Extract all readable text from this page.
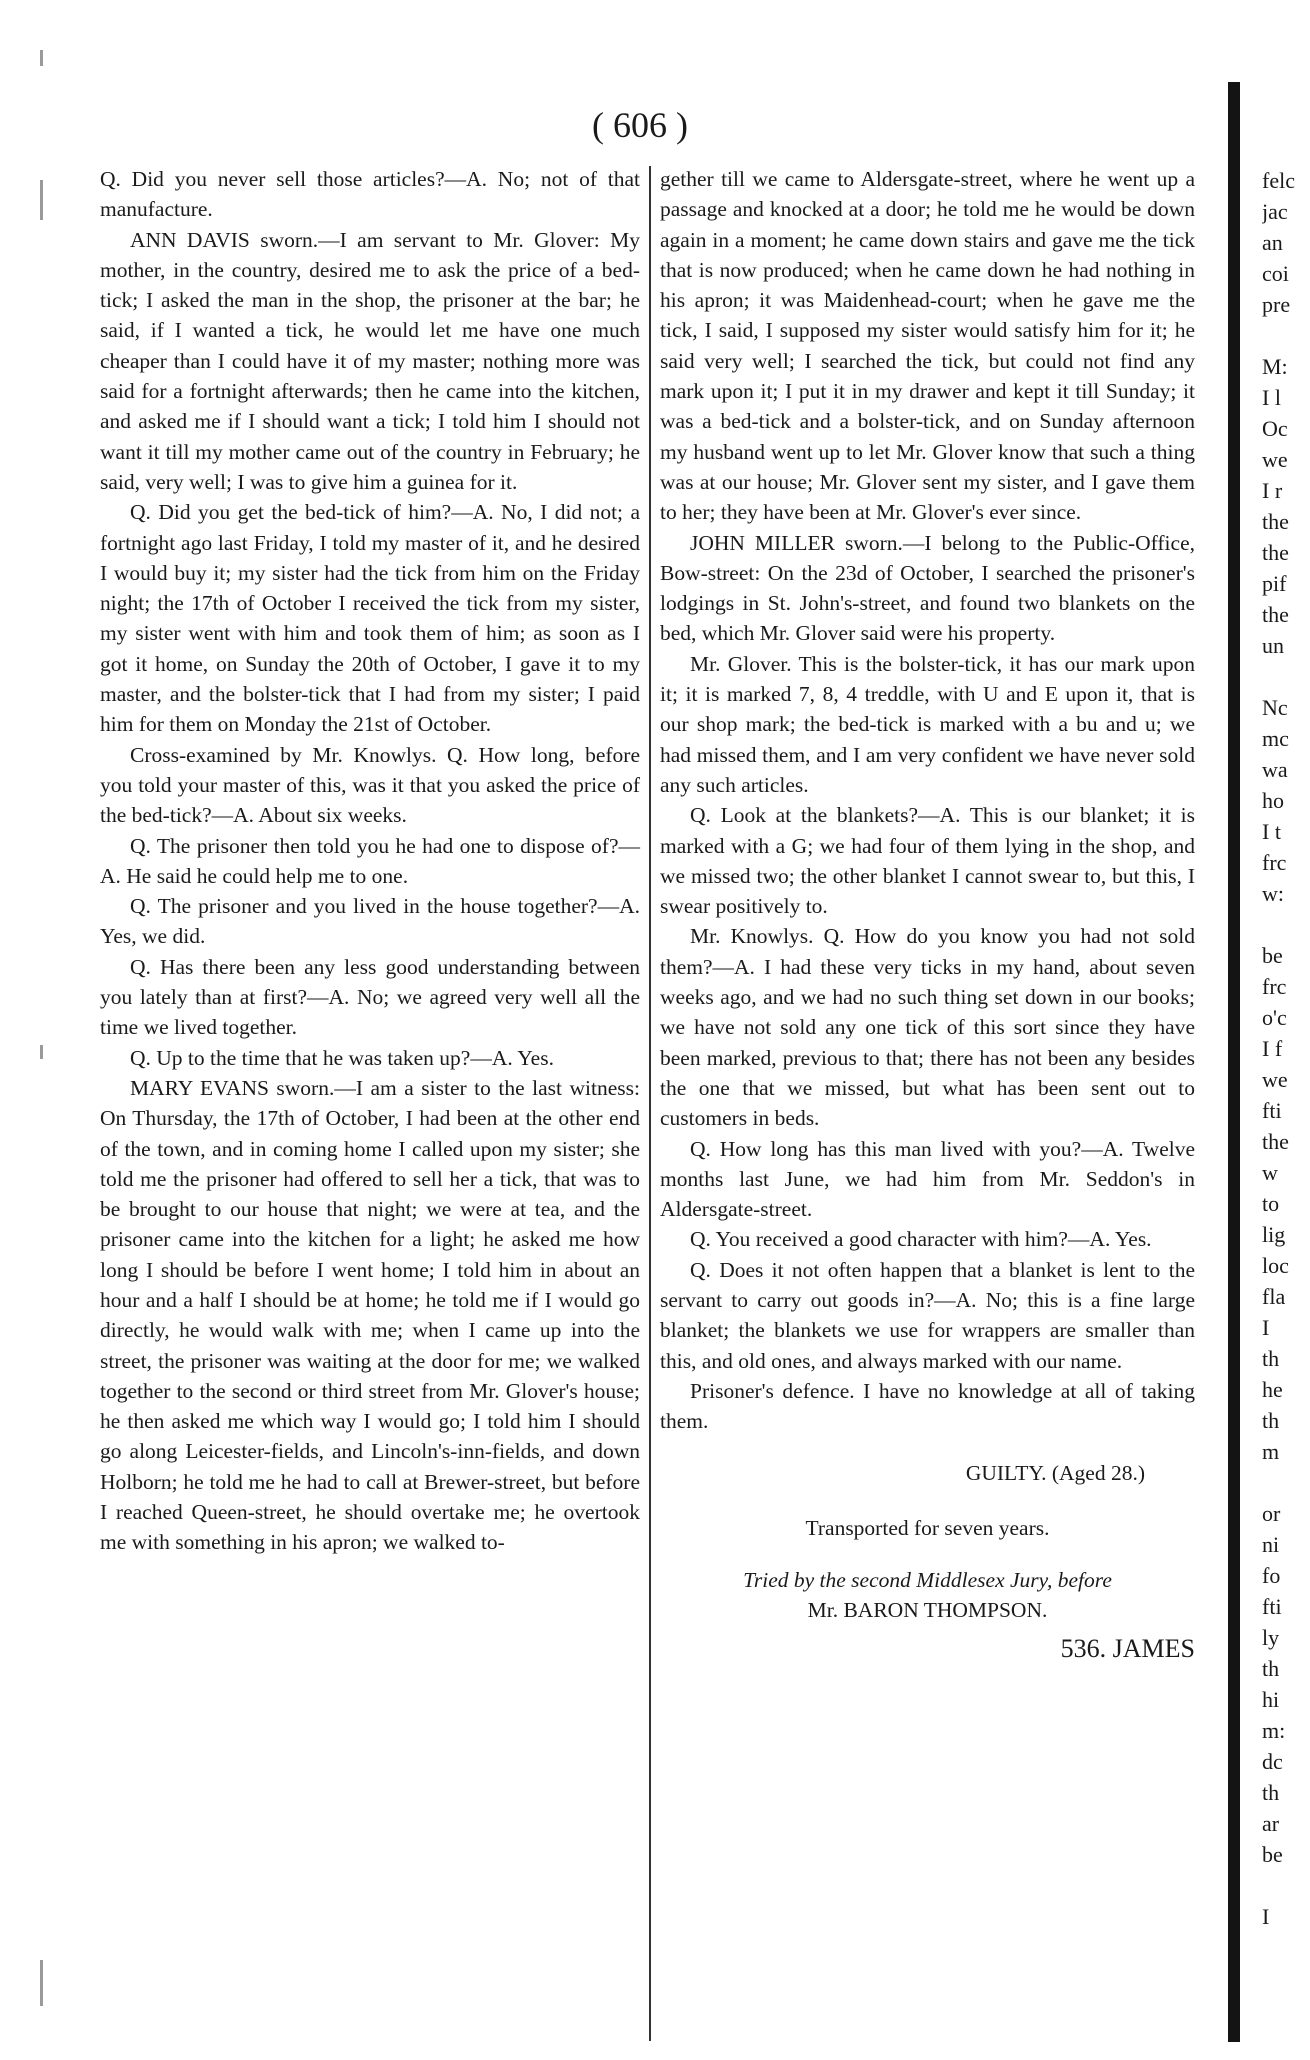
( 606 )

Q. Did you never sell those articles?—A. No; not of that manufacture.

ANN DAVIS sworn.—I am servant to Mr. Glover: My mother, in the country, desired me to ask the price of a bed-tick; I asked the man in the shop, the prisoner at the bar; he said, if I wanted a tick, he would let me have one much cheaper than I could have it of my master; nothing more was said for a fortnight afterwards; then he came into the kitchen, and asked me if I should want a tick; I told him I should not want it till my mother came out of the country in February; he said, very well; I was to give him a guinea for it.

Q. Did you get the bed-tick of him?—A. No, I did not; a fortnight ago last Friday, I told my master of it, and he desired I would buy it; my sister had the tick from him on the Friday night; the 17th of October I received the tick from my sister, my sister went with him and took them of him; as soon as I got it home, on Sunday the 20th of October, I gave it to my master, and the bolster-tick that I had from my sister; I paid him for them on Monday the 21st of October.

Cross-examined by Mr. Knowlys. Q. How long, before you told your master of this, was it that you asked the price of the bed-tick?—A. About six weeks.

Q. The prisoner then told you he had one to dispose of?—A. He said he could help me to one.

Q. The prisoner and you lived in the house together?—A. Yes, we did.

Q. Has there been any less good understanding between you lately than at first?—A. No; we agreed very well all the time we lived together.

Q. Up to the time that he was taken up?—A. Yes.

MARY EVANS sworn.—I am a sister to the last witness: On Thursday, the 17th of October, I had been at the other end of the town, and in coming home I called upon my sister; she told me the prisoner had offered to sell her a tick, that was to be brought to our house that night; we were at tea, and the prisoner came into the kitchen for a light; he asked me how long I should be before I went home; I told him in about an hour and a half I should be at home; he told me if I would go directly, he would walk with me; when I came up into the street, the prisoner was waiting at the door for me; we walked together to the second or third street from Mr. Glover's house; he then asked me which way I would go; I told him I should go along Leicester-fields, and Lincoln's-inn-fields, and down Holborn; he told me he had to call at Brewer-street, but before I reached Queen-street, he should overtake me; he overtook me with something in his apron; we walked to-

gether till we came to Aldersgate-street, where he went up a passage and knocked at a door; he told me he would be down again in a moment; he came down stairs and gave me the tick that is now produced; when he came down he had nothing in his apron; it was Maidenhead-court; when he gave me the tick, I said, I supposed my sister would satisfy him for it; he said very well; I searched the tick, but could not find any mark upon it; I put it in my drawer and kept it till Sunday; it was a bed-tick and a bolster-tick, and on Sunday afternoon my husband went up to let Mr. Glover know that such a thing was at our house; Mr. Glover sent my sister, and I gave them to her; they have been at Mr. Glover's ever since.

JOHN MILLER sworn.—I belong to the Public-Office, Bow-street: On the 23d of October, I searched the prisoner's lodgings in St. John's-street, and found two blankets on the bed, which Mr. Glover said were his property.

Mr. Glover. This is the bolster-tick, it has our mark upon it; it is marked 7, 8, 4 treddle, with U and E upon it, that is our shop mark; the bed-tick is marked with a bu and u; we had missed them, and I am very confident we have never sold any such articles.

Q. Look at the blankets?—A. This is our blanket; it is marked with a G; we had four of them lying in the shop, and we missed two; the other blanket I cannot swear to, but this, I swear positively to.

Mr. Knowlys. Q. How do you know you had not sold them?—A. I had these very ticks in my hand, about seven weeks ago, and we had no such thing set down in our books; we have not sold any one tick of this sort since they have been marked, previous to that; there has not been any besides the one that we missed, but what has been sent out to customers in beds.

Q. How long has this man lived with you?—A. Twelve months last June, we had him from Mr. Seddon's in Aldersgate-street.

Q. You received a good character with him?—A. Yes.

Q. Does it not often happen that a blanket is lent to the servant to carry out goods in?—A. No; this is a fine large blanket; the blankets we use for wrappers are smaller than this, and old ones, and always marked with our name.

Prisoner's defence. I have no knowledge at all of taking them.

GUILTY. (Aged 28.)

Transported for seven years.

Tried by the second Middlesex Jury, before

Mr. BARON THOMPSON.

536. JAMES

felc
jac
an
coi
pre

M:
I l
Oc
we
I r
the
the
pif
the
un

Nc
mc
wa
ho
I t
frc
w:

be
frc
o'c
I f
we
fti
the
w
to
lig
loc
fla
I
th
he
th
m

or
ni
fo
fti
ly
th
hi
m:
dc
th
ar
be

I
